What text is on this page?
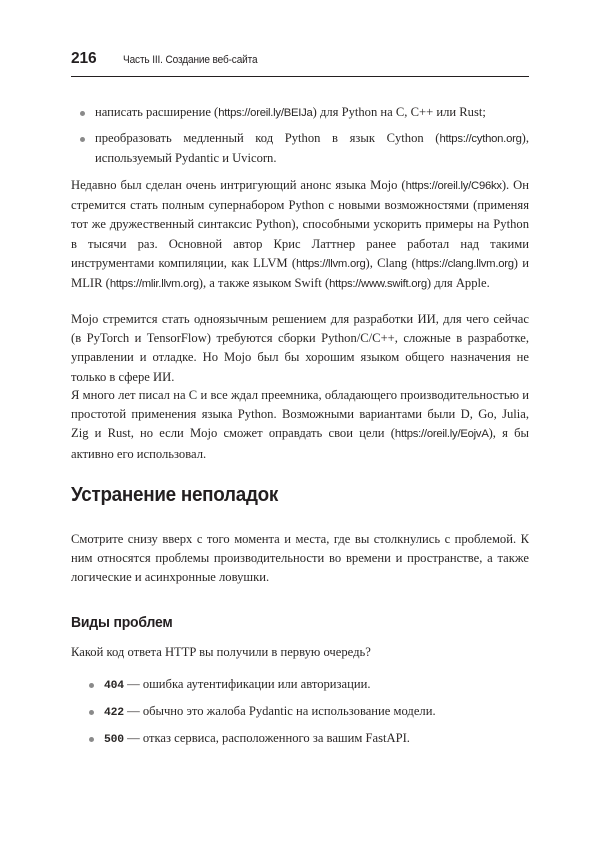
216	Часть III. Создание веб-сайта
написать расширение (https://oreil.ly/BEIJa) для Python на C, C++ или Rust;
преобразовать медленный код Python в язык Cython (https://cython.org), используемый Pydantic и Uvicorn.

Недавно был сделан очень интригующий анонс языка Mojo (https://oreil.ly/C96kx). Он стремится стать полным супернабором Python с новыми возможностями (применяя тот же дружественный синтаксис Python), способными ускорить примеры на Python в тысячи раз. Основной автор Крис Латтнер ранее работал над такими инструментами компиляции, как LLVM (https://llvm.org), Clang (https://clang.llvm.org) и MLIR (https://mlir.llvm.org), а также языком Swift (https://www.swift.org) для Apple.

Mojo стремится стать одноязычным решением для разработки ИИ, для чего сейчас (в PyTorch и TensorFlow) требуются сборки Python/C/C++, сложные в разработке, управлении и отладке. Но Mojo был бы хорошим языком общего назначения не только в сфере ИИ.

Я много лет писал на C и все ждал преемника, обладающего производительностью и простотой применения языка Python. Возможными вариантами были D, Go, Julia, Zig и Rust, но если Mojo сможет оправдать свои цели (https://oreil.ly/EojvA), я бы активно его использовал.

Устранение неполадок

Смотрите снизу вверх с того момента и места, где вы столкнулись с проблемой. К ним относятся проблемы производительности во времени и пространстве, а также логические и асинхронные ловушки.

Виды проблем

Какой код ответа HTTP вы получили в первую очередь?

404 — ошибка аутентификации или авторизации.
422 — обычно это жалоба Pydantic на использование модели.
500 — отказ сервиса, расположенного за вашим FastAPI.
